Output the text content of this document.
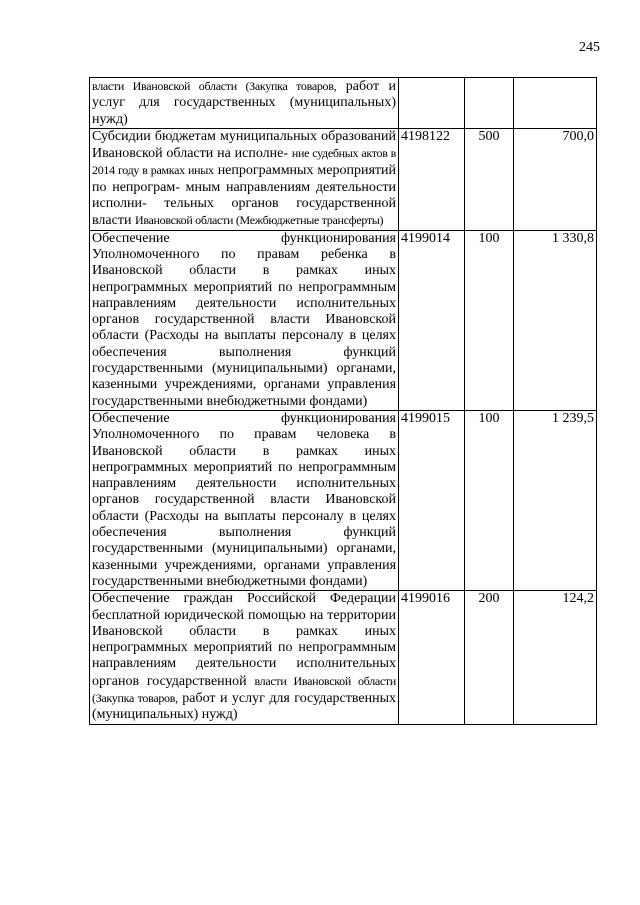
245
власти Ивановской области (Закупка товаров, работ и услуг для государственных (муниципальных) нужд)			
Субсидии бюджетам муниципальных образований Ивановской области на исполне- ние судебных актов в 2014 году в рамках иных непрограммных мероприятий по непрограм- мным направлениям деятельности исполни- тельных органов государственной власти Ивановской области (Межбюджетные трансферты)	4198122	500	700,0
Обеспечение функционирования Уполномоченного по правам ребенка в Ивановской области в рамках иных непрограммных мероприятий по непрограммным направлениям деятельности исполнительных органов государственной власти Ивановской области (Расходы на выплаты персоналу в целях обеспечения выполнения функций государственными (муниципальными) органами, казенными учреждениями, органами управления государственными внебюджетными фондами)	4199014	100	1 330,8
Обеспечение функционирования Уполномоченного по правам человека в Ивановской области в рамках иных непрограммных мероприятий по непрограммным направлениям деятельности исполнительных органов государственной власти Ивановской области (Расходы на выплаты персоналу в целях обеспечения выполнения функций государственными (муниципальными) органами, казенными учреждениями, органами управления государственными внебюджетными фондами)	4199015	100	1 239,5
Обеспечение граждан Российской Федерации бесплатной юридической помощью на территории Ивановской области в рамках иных непрограммных мероприятий по непрограммным направлениям деятельности исполнительных органов государственной власти Ивановской области (Закупка товаров, работ и услуг для государственных (муниципальных) нужд)	4199016	200	124,2
